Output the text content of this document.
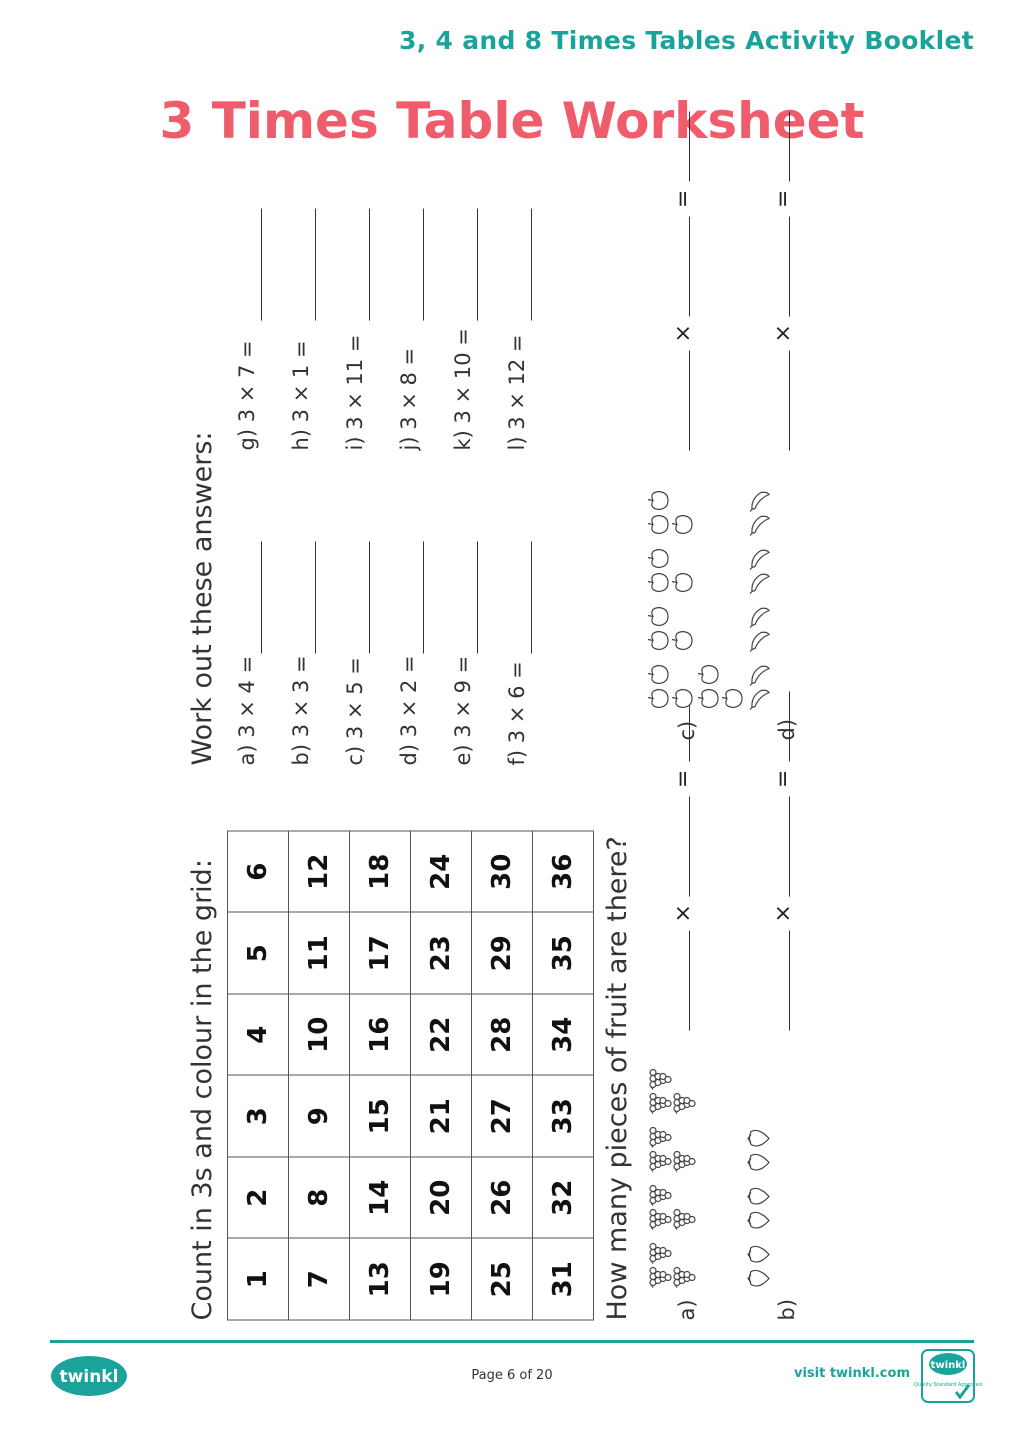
3, 4 and 8 Times Tables Activity Booklet
3 Times Table Worksheet
Count in 3s and colour in the grid: 1	2	3	4	5	6
7	8	9	10	11	12
13	14	15	16	17	18
19	20	21	22	23	24
25	26	27	28	29	30
31	32	33	34	35	36
Work out these answers: a) 3 × 4 = b) 3 × 3 = c) 3 × 5 = d) 3 × 2 = e) 3 × 9 = f) 3 × 6 =
g) 3 × 7 = h) 3 × 1 = i) 3 × 11 = j) 3 × 8 = k) 3 × 10 = l) 3 × 12 =
How many pieces of fruit are there? a)
×
=
b)
×
=
c)
×
=
d)
×
=
twinkl	Page 6 of 20	visit twinkl.com
twinkl
Quality Standard Approved
